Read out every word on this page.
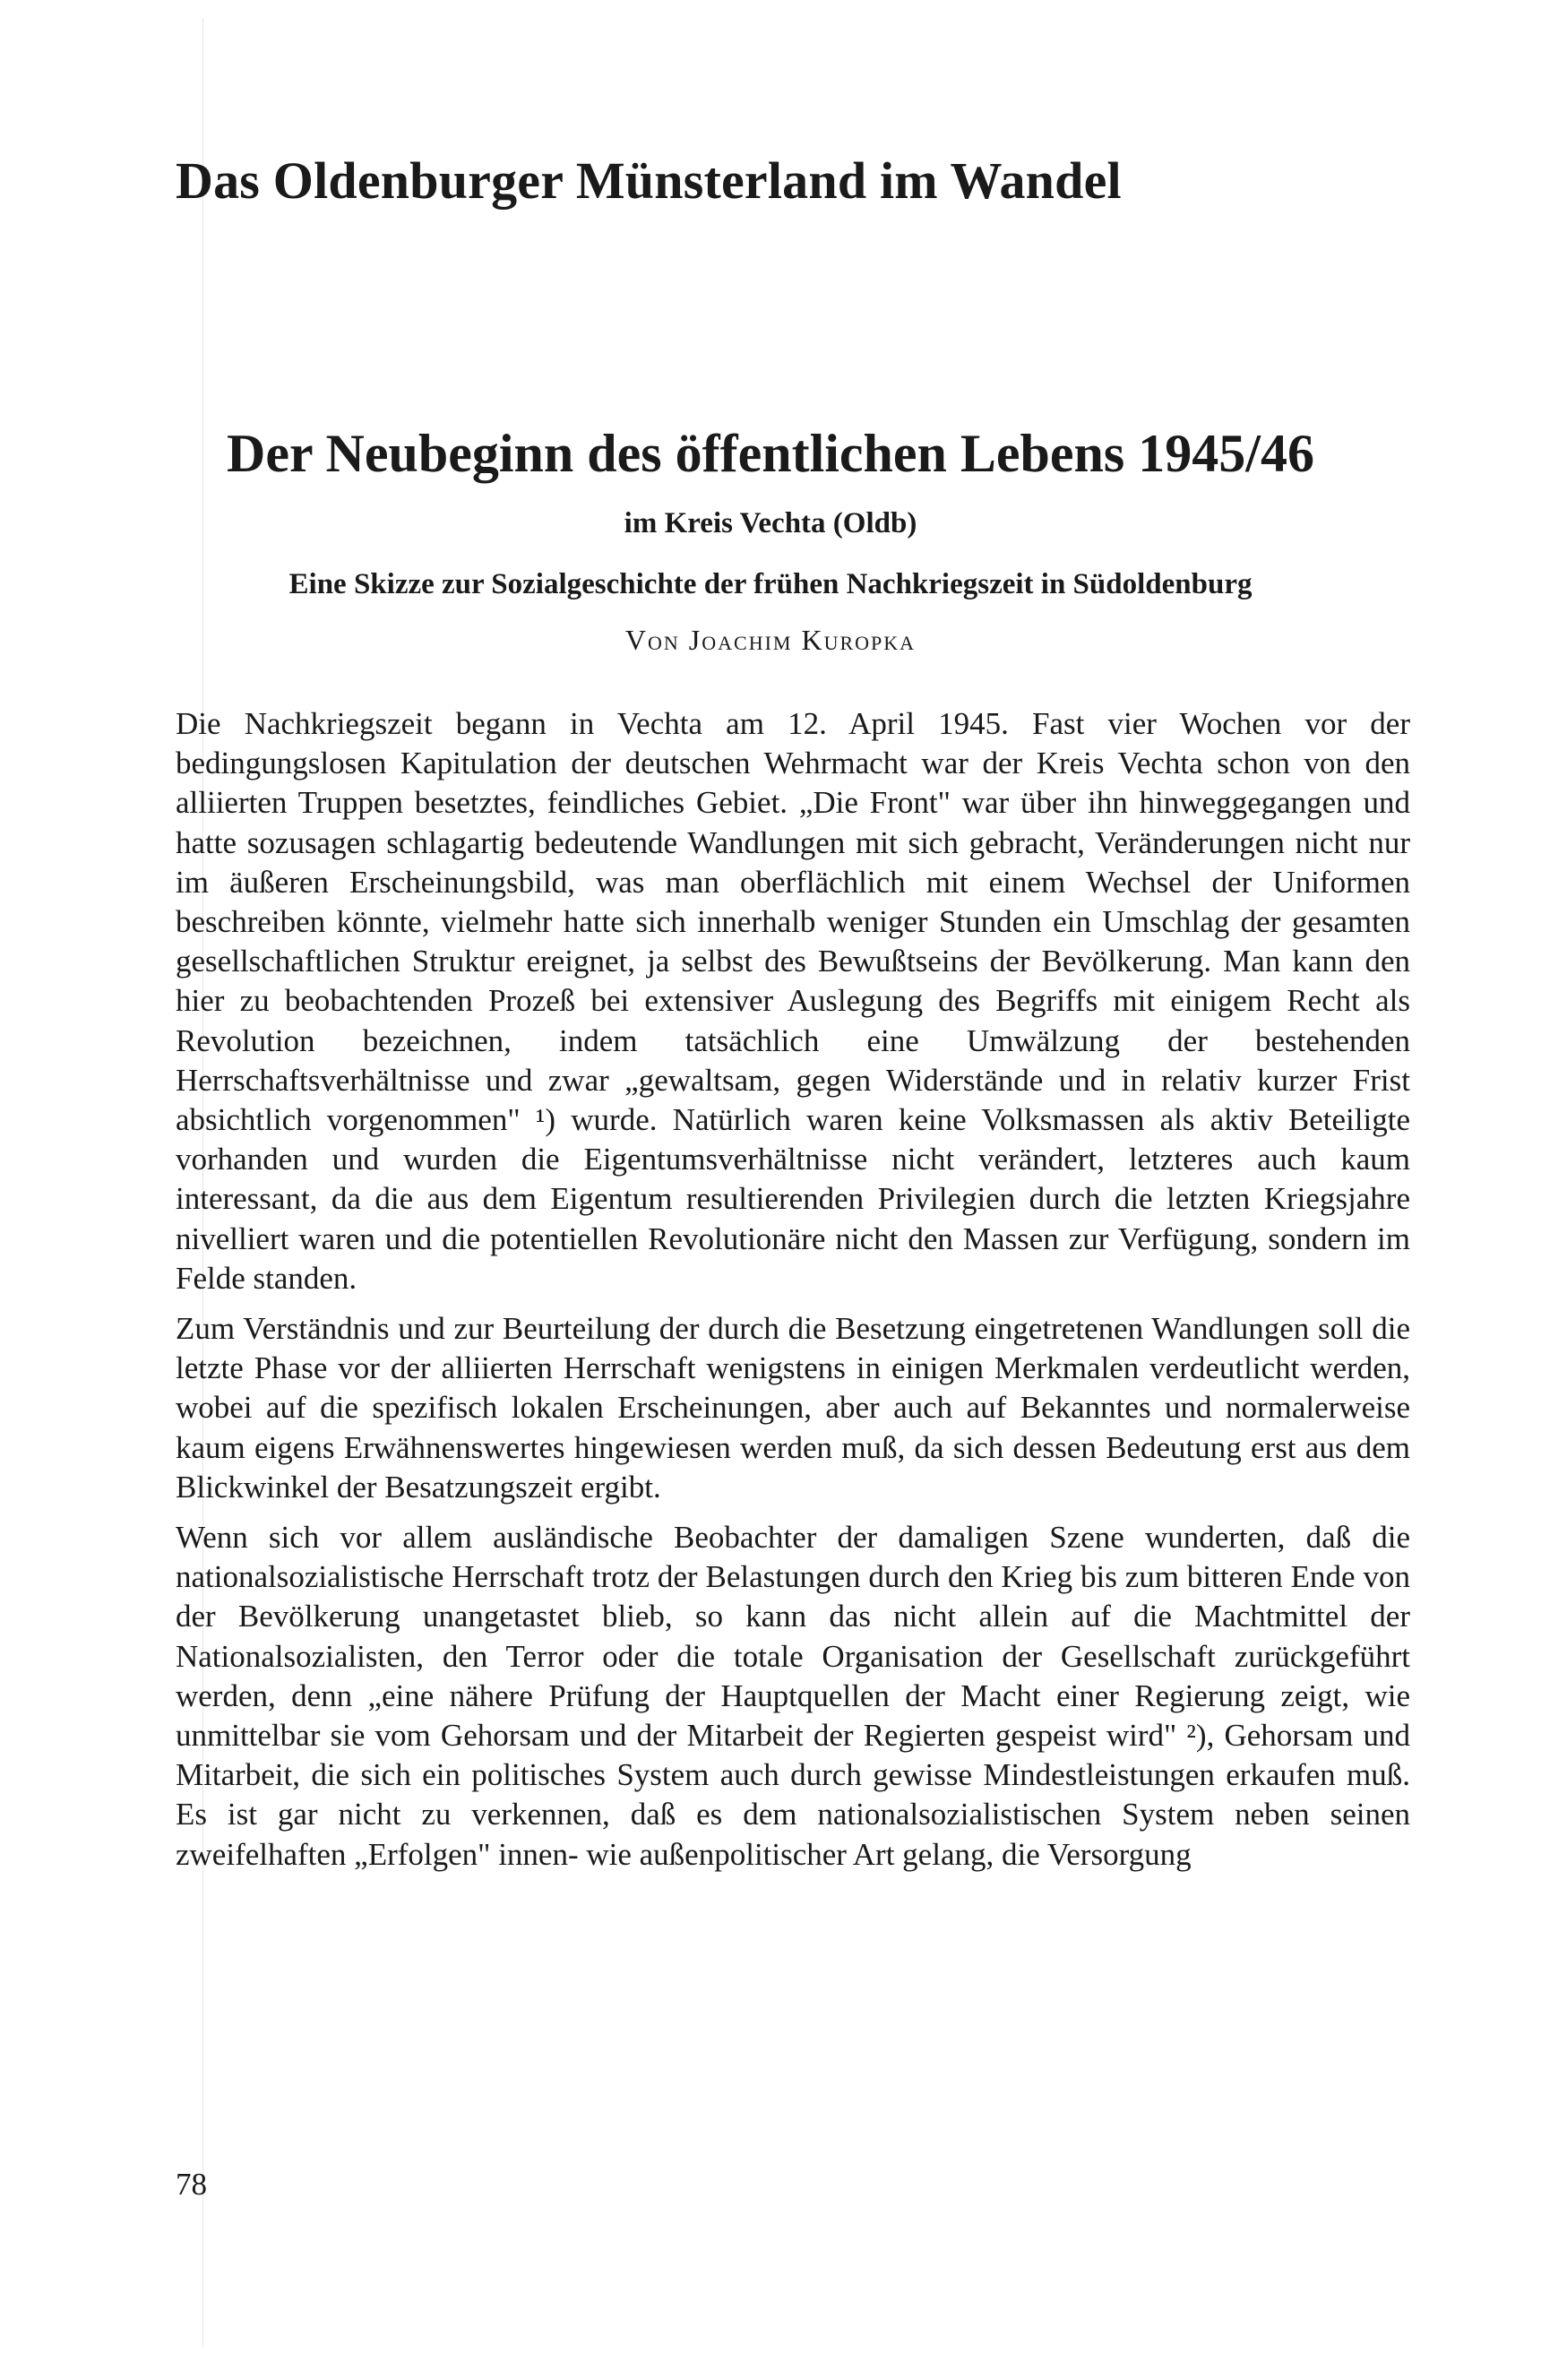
Das Oldenburger Münsterland im Wandel
Der Neubeginn des öffentlichen Lebens 1945/46
im Kreis Vechta (Oldb)
Eine Skizze zur Sozialgeschichte der frühen Nachkriegszeit in Südoldenburg
Von Joachim Kuropka

Die Nachkriegszeit begann in Vechta am 12. April 1945. Fast vier Wochen vor der bedingungslosen Kapitulation der deutschen Wehrmacht war der Kreis Vechta schon von den alliierten Truppen besetztes, feindliches Gebiet. „Die Front" war über ihn hinweggegangen und hatte sozusagen schlagartig bedeutende Wandlungen mit sich gebracht, Veränderungen nicht nur im äußeren Erscheinungsbild, was man oberflächlich mit einem Wechsel der Uniformen beschreiben könnte, vielmehr hatte sich innerhalb weniger Stunden ein Umschlag der gesamten gesellschaftlichen Struktur ereignet, ja selbst des Bewußtseins der Bevölkerung. Man kann den hier zu beobachtenden Prozeß bei extensiver Auslegung des Begriffs mit einigem Recht als Revolution bezeichnen, indem tatsächlich eine Umwälzung der bestehenden Herrschaftsverhältnisse und zwar „gewaltsam, gegen Widerstände und in relativ kurzer Frist absichtlich vorgenommen" ¹) wurde. Natürlich waren keine Volksmassen als aktiv Beteiligte vorhanden und wurden die Eigentumsverhältnisse nicht verändert, letzteres auch kaum interessant, da die aus dem Eigentum resultierenden Privilegien durch die letzten Kriegsjahre nivelliert waren und die potentiellen Revolutionäre nicht den Massen zur Verfügung, sondern im Felde standen.

Zum Verständnis und zur Beurteilung der durch die Besetzung eingetretenen Wandlungen soll die letzte Phase vor der alliierten Herrschaft wenigstens in einigen Merkmalen verdeutlicht werden, wobei auf die spezifisch lokalen Erscheinungen, aber auch auf Bekanntes und normalerweise kaum eigens Erwähnenswertes hingewiesen werden muß, da sich dessen Bedeutung erst aus dem Blickwinkel der Besatzungszeit ergibt.

Wenn sich vor allem ausländische Beobachter der damaligen Szene wunderten, daß die nationalsozialistische Herrschaft trotz der Belastungen durch den Krieg bis zum bitteren Ende von der Bevölkerung unangetastet blieb, so kann das nicht allein auf die Machtmittel der Nationalsozialisten, den Terror oder die totale Organisation der Gesellschaft zurückgeführt werden, denn „eine nähere Prüfung der Hauptquellen der Macht einer Regierung zeigt, wie unmittelbar sie vom Gehorsam und der Mitarbeit der Regierten gespeist wird" ²), Gehorsam und Mitarbeit, die sich ein politisches System auch durch gewisse Mindestleistungen erkaufen muß. Es ist gar nicht zu verkennen, daß es dem nationalsozialistischen System neben seinen zweifelhaften „Erfolgen" innen- wie außenpolitischer Art gelang, die Versorgung

78
